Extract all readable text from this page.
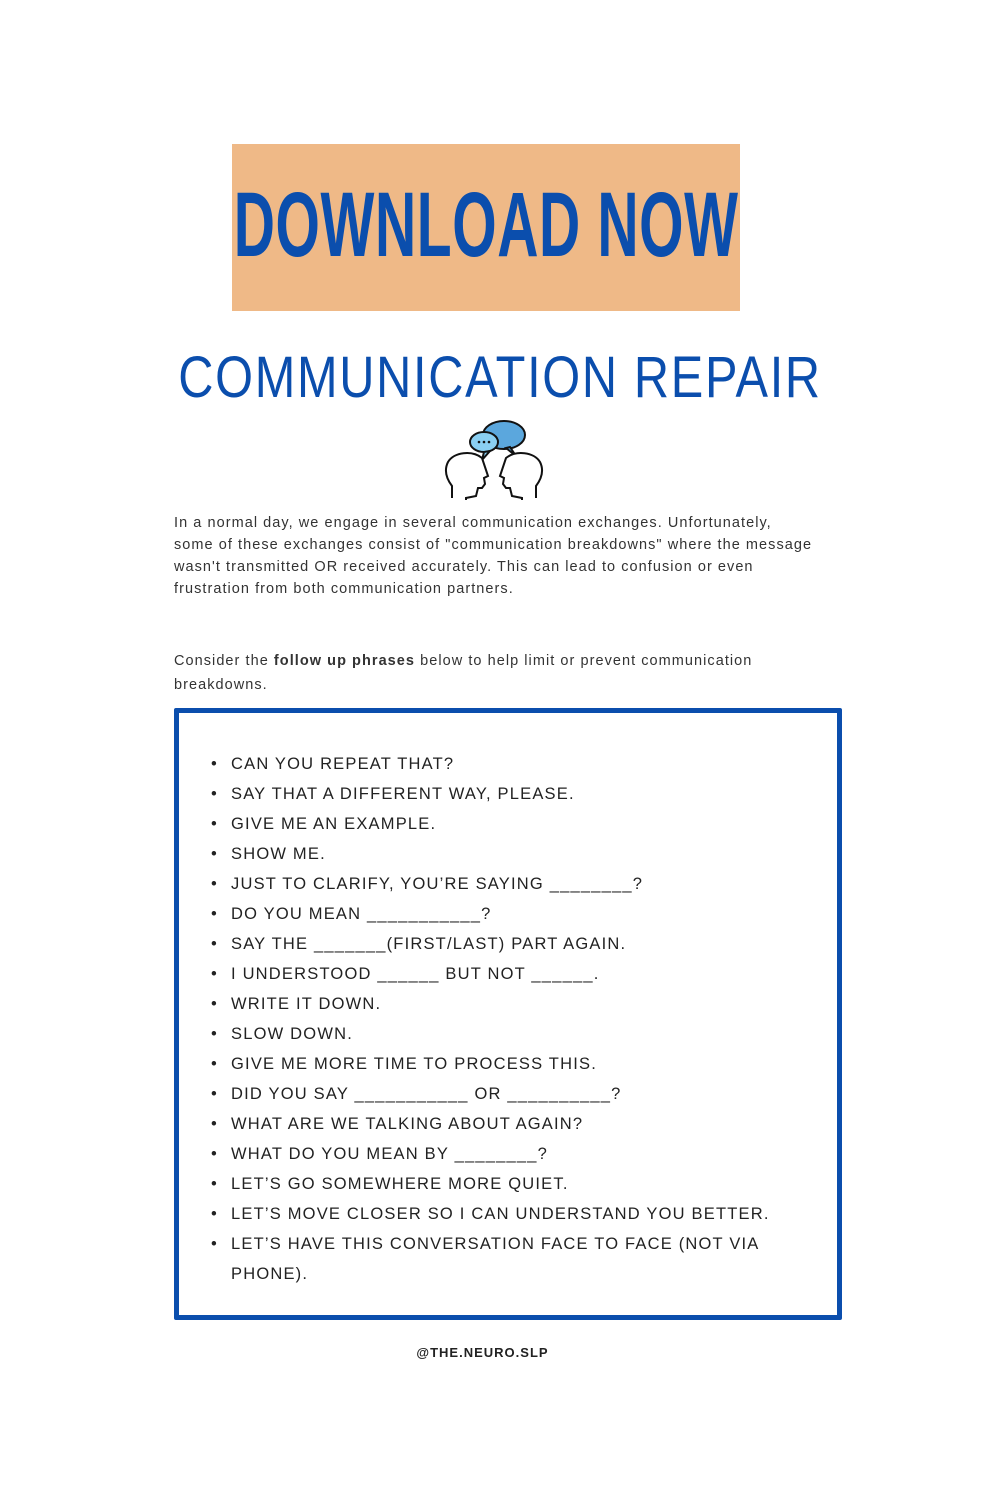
DOWNLOAD NOW
COMMUNICATION REPAIR

In a normal day, we engage in several communication exchanges. Unfortunately, some of these exchanges consist of "communication breakdowns" where the message wasn't transmitted OR received accurately. This can lead to confusion or even frustration from both communication partners.

Consider the follow up phrases below to help limit or prevent communication breakdowns.

• CAN YOU REPEAT THAT?
• SAY THAT A DIFFERENT WAY, PLEASE.
• GIVE ME AN EXAMPLE.
• SHOW ME.
• JUST TO CLARIFY, YOU’RE SAYING ________?
• DO YOU MEAN ___________?
• SAY THE _______(FIRST/LAST) PART AGAIN.
• I UNDERSTOOD ______ BUT NOT ______.
• WRITE IT DOWN.
• SLOW DOWN.
• GIVE ME MORE TIME TO PROCESS THIS.
• DID YOU SAY ___________ OR __________?
• WHAT ARE WE TALKING ABOUT AGAIN?
• WHAT DO YOU MEAN BY ________?
• LET’S GO SOMEWHERE MORE QUIET.
• LET’S MOVE CLOSER SO I CAN UNDERSTAND YOU BETTER.
• LET’S HAVE THIS CONVERSATION FACE TO FACE (NOT VIA PHONE).
@THE.NEURO.SLP
